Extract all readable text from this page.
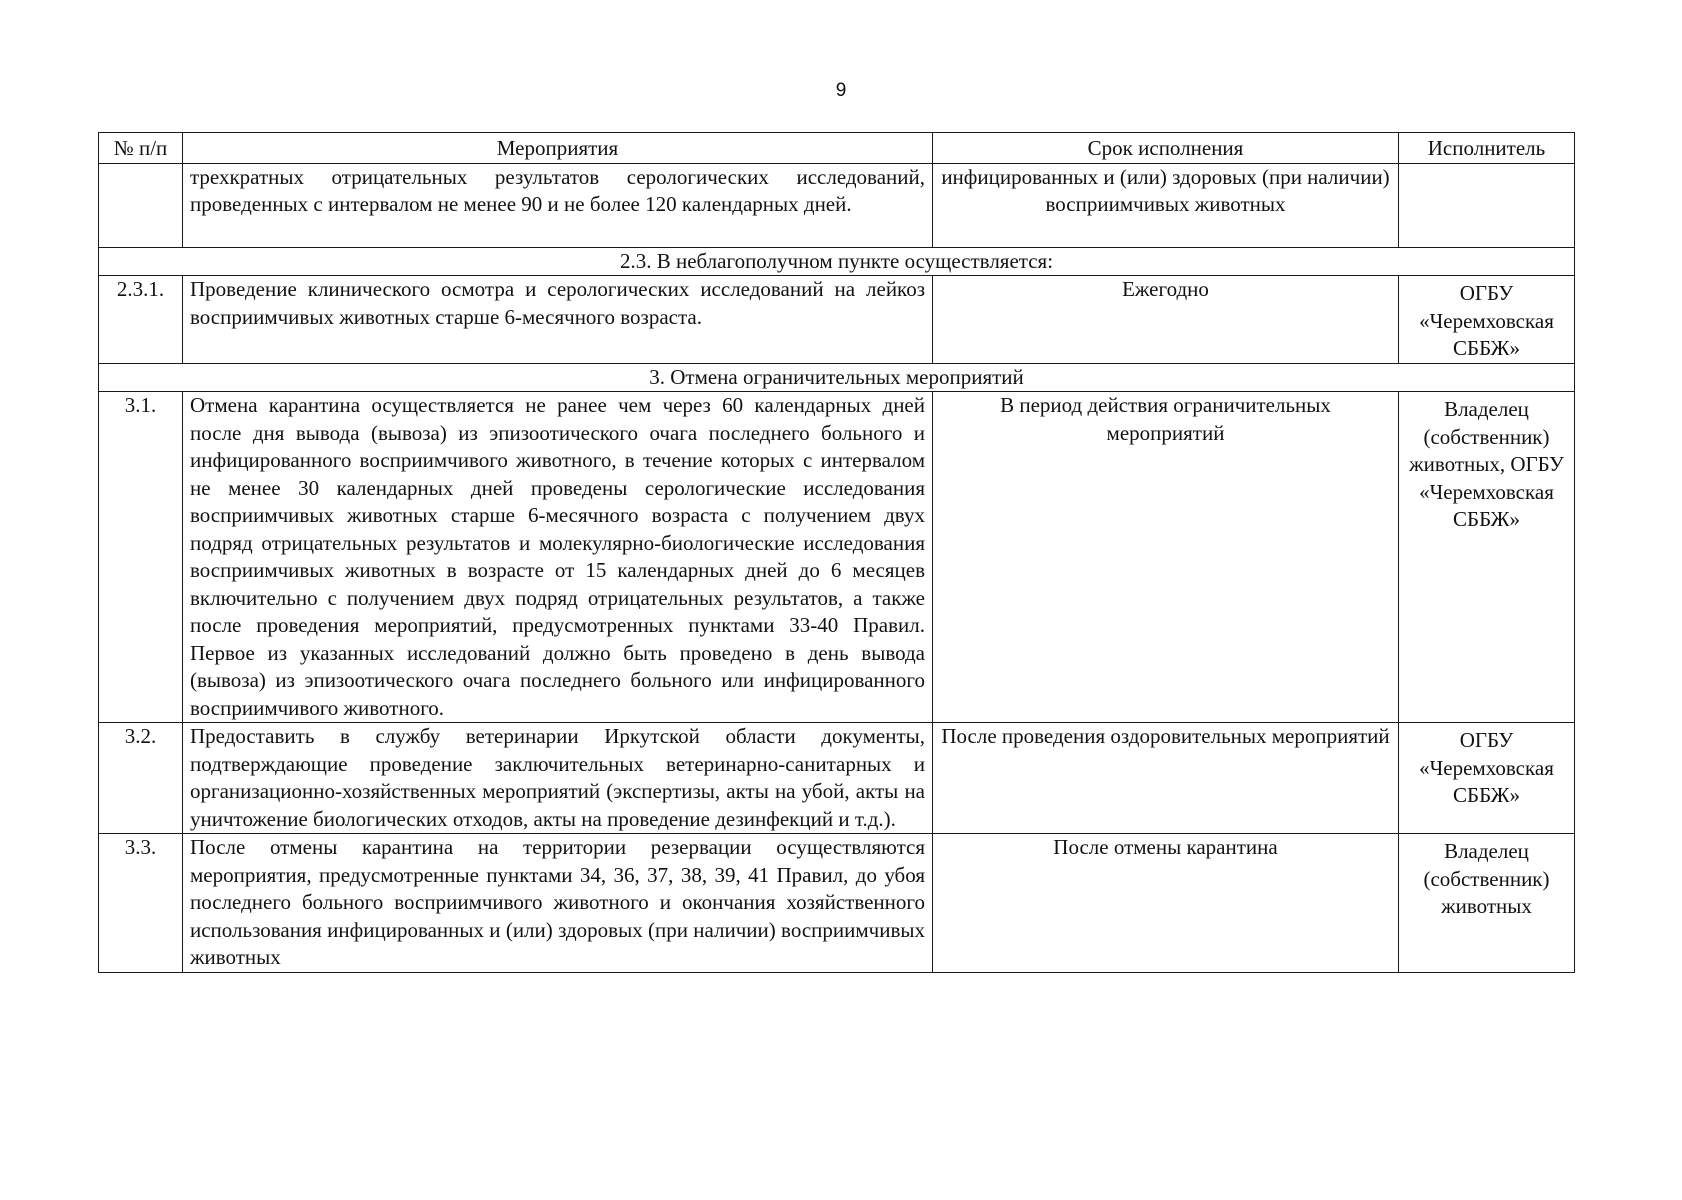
9
№ п/п	Мероприятия	Срок исполнения	Исполнитель
	трехкратных отрицательных результатов серологических исследований, проведенных с интервалом не менее 90 и не более 120 календарных дней.	инфицированных и (или) здоровых (при наличии) восприимчивых животных	
2.3. В неблагополучном пункте осуществляется:			
2.3.1.	Проведение клинического осмотра и серологических исследований на лейкоз восприимчивых животных старше 6-месячного возраста.	Ежегодно	ОГБУ «Черемховская СББЖ»
3. Отмена ограничительных мероприятий			
3.1.	Отмена карантина осуществляется не ранее чем через 60 календарных дней после дня вывода (вывоза) из эпизоотического очага последнего больного и инфицированного восприимчивого животного, в течение которых с интервалом не менее 30 календарных дней проведены серологические исследования восприимчивых животных старше 6-месячного возраста с получением двух подряд отрицательных результатов и молекулярно-биологические исследования восприимчивых животных в возрасте от 15 календарных дней до 6 месяцев включительно с получением двух подряд отрицательных результатов, а также после проведения мероприятий, предусмотренных пунктами 33-40 Правил. Первое из указанных исследований должно быть проведено в день вывода (вывоза) из эпизоотического очага последнего больного или инфицированного восприимчивого животного.	В период действия ограничительных мероприятий	Владелец (собственник) животных, ОГБУ «Черемховская СББЖ»
3.2.	Предоставить в службу ветеринарии Иркутской области документы, подтверждающие проведение заключительных ветеринарно-санитарных и организационно-хозяйственных мероприятий (экспертизы, акты на убой, акты на уничтожение биологических отходов, акты на проведение дезинфекций и т.д.).	После проведения оздоровительных мероприятий	ОГБУ «Черемховская СББЖ»
3.3.	После отмены карантина на территории резервации осуществляются мероприятия, предусмотренные пунктами 34, 36, 37, 38, 39, 41 Правил, до убоя последнего больного восприимчивого животного и окончания хозяйственного использования инфицированных и (или) здоровых (при наличии) восприимчивых животных	После отмены карантина	Владелец (собственник) животных
